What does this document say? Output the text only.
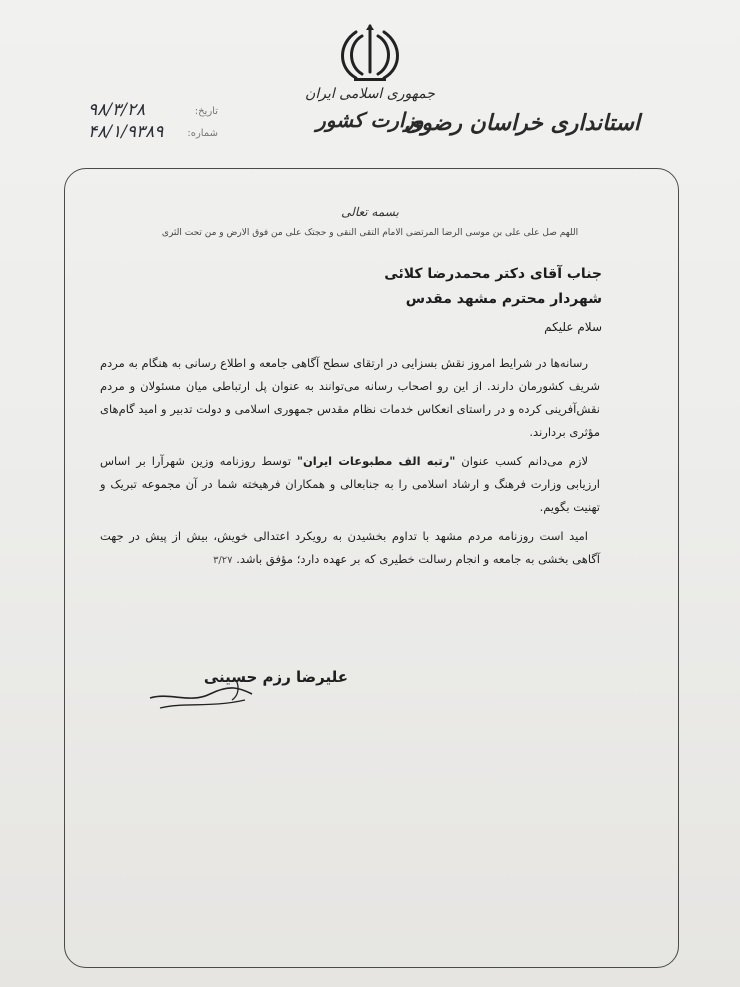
جمهوری اسلامی ایران
وزارت کشور
استانداری خراسان رضوی
۹۸/۳/۲۸	تاریخ:
۴۸/۱/۹۳۸۹ شماره:
بسمه تعالی
اللهم صل علی علی بن موسی الرضا المرتضی الامام التقی النقی و حجتک علی من فوق الارض و من تحت الثری
جناب آقای دکتر محمدرضا کلائی
شهردار محترم مشهد مقدس
سلام علیکم

رسانه‌ها در شرایط امروز نقش بسزایی در ارتقای سطح آگاهی جامعه و اطلاع رسانی به هنگام به مردم شریف کشورمان دارند. از این رو اصحاب رسانه می‌توانند به عنوان پل ارتباطی میان مسئولان و مردم نقش‌آفرینی کرده و در راستای انعکاس خدمات نظام مقدس جمهوری اسلامی و دولت تدبیر و امید گام‌های مؤثری بردارند.

لازم می‌دانم کسب عنوان "رتبه الف مطبوعات ایران" توسط روزنامه وزین شهرآرا بر اساس ارزیابی وزارت فرهنگ و ارشاد اسلامی را به جنابعالی و همکاران فرهیخته شما در آن مجموعه تبریک و تهنیت بگویم.

امید است روزنامه مردم مشهد با تداوم بخشیدن به رویکرد اعتدالی خویش، بیش از پیش در جهت آگاهی بخشی به جامعه و انجام رسالت خطیری که بر عهده دارد؛ مؤفق باشد. ۳/۲۷

علیرضا رزم حسینی
